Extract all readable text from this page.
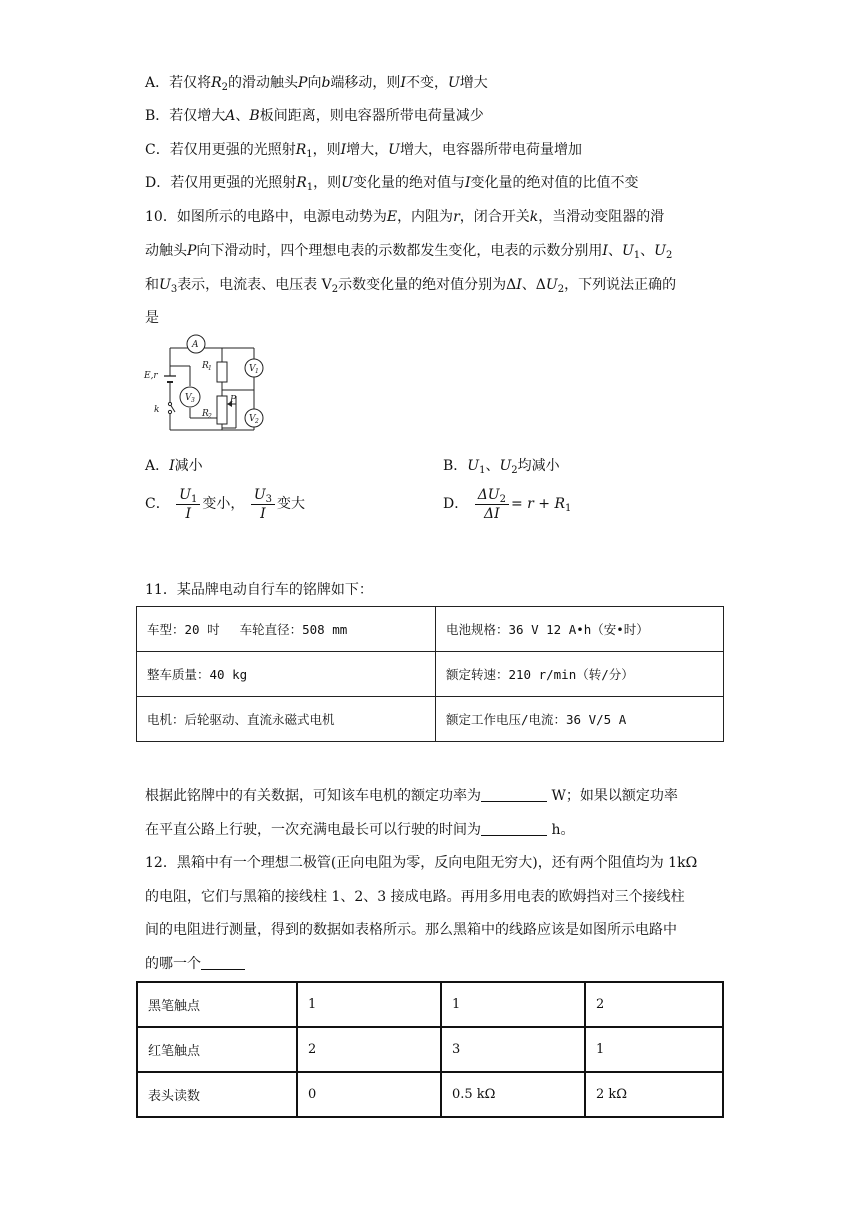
A．若仅将$R_2$的滑动触头P向b端移动，则I不变，U增大
B．若仅增大A、B板间距离，则电容器所带电荷量减少
C．若仅用更强的光照射$R_1$，则I增大，U增大，电容器所带电荷量增加
D．若仅用更强的光照射$R_1$，则U变化量的绝对值与I变化量的绝对值的比值不变
10．如图所示的电路中，电源电动势为E，内阻为r，闭合开关k，当滑动变阻器的滑
动触头P向下滑动时，四个理想电表的示数都发生变化，电表的示数分别用I、$U_1$、$U_2$
和$U_3$表示，电流表、电压表 $V_2$示数变化量的绝对值分别为ΔI、$\Delta U_2$，下列说法正确的
是
A
V 1
V 2
V 3
R 1
R 2
P
E,r
k
A．I减小	B．$U_1$、$U_2$均减小
C． $\frac{U_1}{I}$ 变小， $\frac{U_3}{I}$ 变大	D． $\frac{\Delta U_2}{\Delta I} = r + R_1$
11．某品牌电动自行车的铭牌如下：
车型：20 吋　 车轮直径：508 mm	电池规格：36 V 12 A•h（安•时）
整车质量：40 kg	额定转速：210 r/min（转/分）
电机：后轮驱动、直流永磁式电机	额定工作电压/电流：36 V/5 A
根据此铭牌中的有关数据，可知该车电机的额定功率为	W；如果以额定功率
在平直公路上行驶，一次充满电最长可以行驶的时间为	h。
12．黑箱中有一个理想二极管(正向电阻为零，反向电阻无穷大)，还有两个阻值均为 1kΩ
的电阻，它们与黑箱的接线柱 1、2、3 接成电路。再用多用电表的欧姆挡对三个接线柱
间的电阻进行测量，得到的数据如表格所示。那么黑箱中的线路应该是如图所示电路中
的哪一个
黑笔触点	1	1	2
红笔触点	2	3	1
表头读数	0	0.5 kΩ	2 kΩ
